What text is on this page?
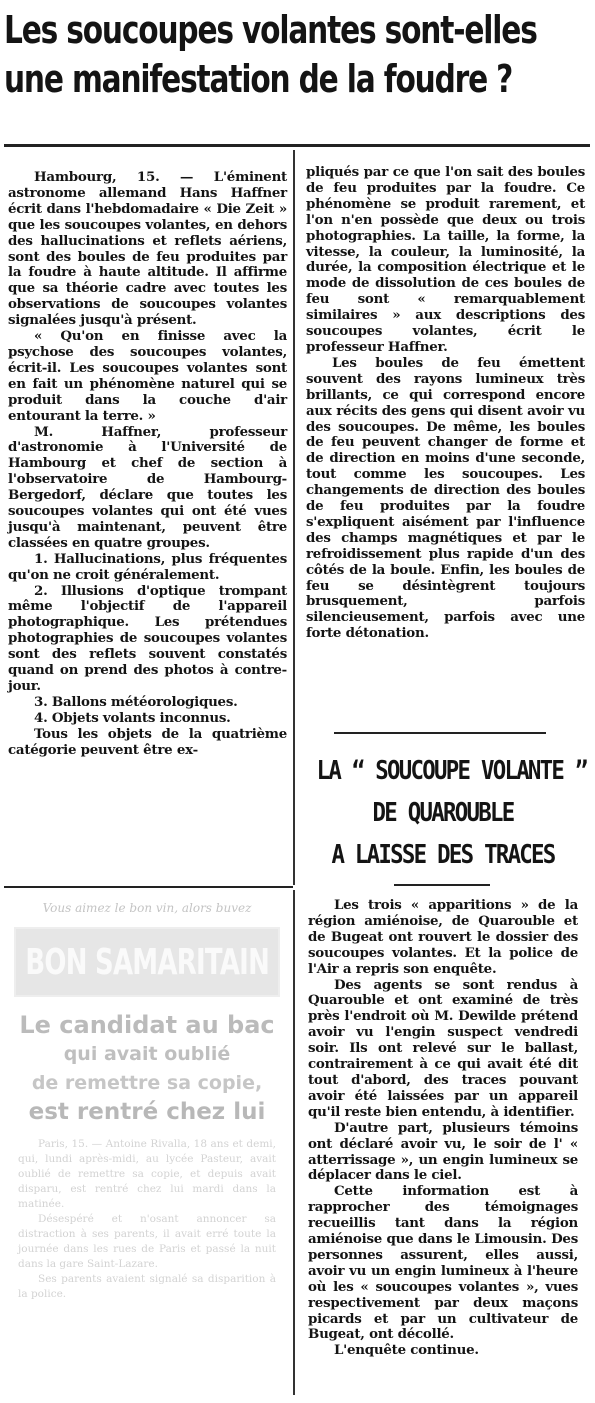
Les soucoupes volantes sont-elles
une manifestation de la foudre ?

Hambourg, 15. — L'éminent astronome allemand Hans Haffner écrit dans l'hebdomadaire « Die Zeit » que les soucoupes volantes, en dehors des hallucinations et reflets aériens, sont des boules de feu produites par la foudre à haute altitude. Il affirme que sa théorie cadre avec toutes les observations de soucoupes volantes signalées jusqu'à présent.

« Qu'on en finisse avec la psychose des soucoupes volantes, écrit-il. Les soucoupes volantes sont en fait un phénomène naturel qui se produit dans la couche d'air entourant la terre. »

M. Haffner, professeur d'astronomie à l'Université de Hambourg et chef de section à l'observatoire de Hambourg-Bergedorf, déclare que toutes les soucoupes volantes qui ont été vues jusqu'à maintenant, peuvent être classées en quatre groupes.

1. Hallucinations, plus fréquentes qu'on ne croit généralement.

2. Illusions d'optique trompant même l'objectif de l'appareil photographique. Les prétendues photographies de soucoupes volantes sont des reflets souvent constatés quand on prend des photos à contre-jour.

3. Ballons météorologiques.

4. Objets volants inconnus.

Tous les objets de la quatrième catégorie peuvent être ex-

pliqués par ce que l'on sait des boules de feu produites par la foudre. Ce phénomène se produit rarement, et l'on n'en possède que deux ou trois photographies. La taille, la forme, la vitesse, la couleur, la luminosité, la durée, la composition électrique et le mode de dissolution de ces boules de feu sont « remarquablement similaires » aux descriptions des soucoupes volantes, écrit le professeur Haffner.

Les boules de feu émettent souvent des rayons lumineux très brillants, ce qui correspond encore aux récits des gens qui disent avoir vu des soucoupes. De même, les boules de feu peuvent changer de forme et de direction en moins d'une seconde, tout comme les soucoupes. Les changements de direction des boules de feu produites par la foudre s'expliquent aisément par l'influence des champs magnétiques et par le refroidissement plus rapide d'un des côtés de la boule. Enfin, les boules de feu se désintègrent toujours brusquement, parfois silencieusement, parfois avec une forte détonation.

LA “ SOUCOUPE VOLANTE ”
DE QUAROUBLE
A LAISSE DES TRACES

Les trois « apparitions » de la région amiénoise, de Quarouble et de Bugeat ont rouvert le dossier des soucoupes volantes. Et la police de l'Air a repris son enquête.

Des agents se sont rendus à Quarouble et ont examiné de très près l'endroit où M. Dewilde prétend avoir vu l'engin suspect vendredi soir. Ils ont relevé sur le ballast, contrairement à ce qui avait été dit tout d'abord, des traces pouvant avoir été laissées par un appareil qu'il reste bien entendu, à identifier.

D'autre part, plusieurs témoins ont déclaré avoir vu, le soir de l' « atterrissage », un engin lumineux se déplacer dans le ciel.

Cette information est à rapprocher des témoignages recueillis tant dans la région amiénoise que dans le Limousin. Des personnes assurent, elles aussi, avoir vu un engin lumineux à l'heure où les « soucoupes volantes », vues respectivement par deux maçons picards et par un cultivateur de Bugeat, ont décollé.

L'enquête continue.

Vous aimez le bon vin, alors buvez
BON SAMARITAIN
Le candidat au bac
qui avait oublié
de remettre sa copie,
est rentré chez lui

Paris, 15. — Antoine Rivalla, 18 ans et demi, qui, lundi après-midi, au lycée Pasteur, avait oublié de remettre sa copie, et depuis avait disparu, est rentré chez lui mardi dans la matinée.

Désespéré et n'osant annoncer sa distraction à ses parents, il avait erré toute la journée dans les rues de Paris et passé la nuit dans la gare Saint-Lazare.

Ses parents avaient signalé sa disparition à la police.
